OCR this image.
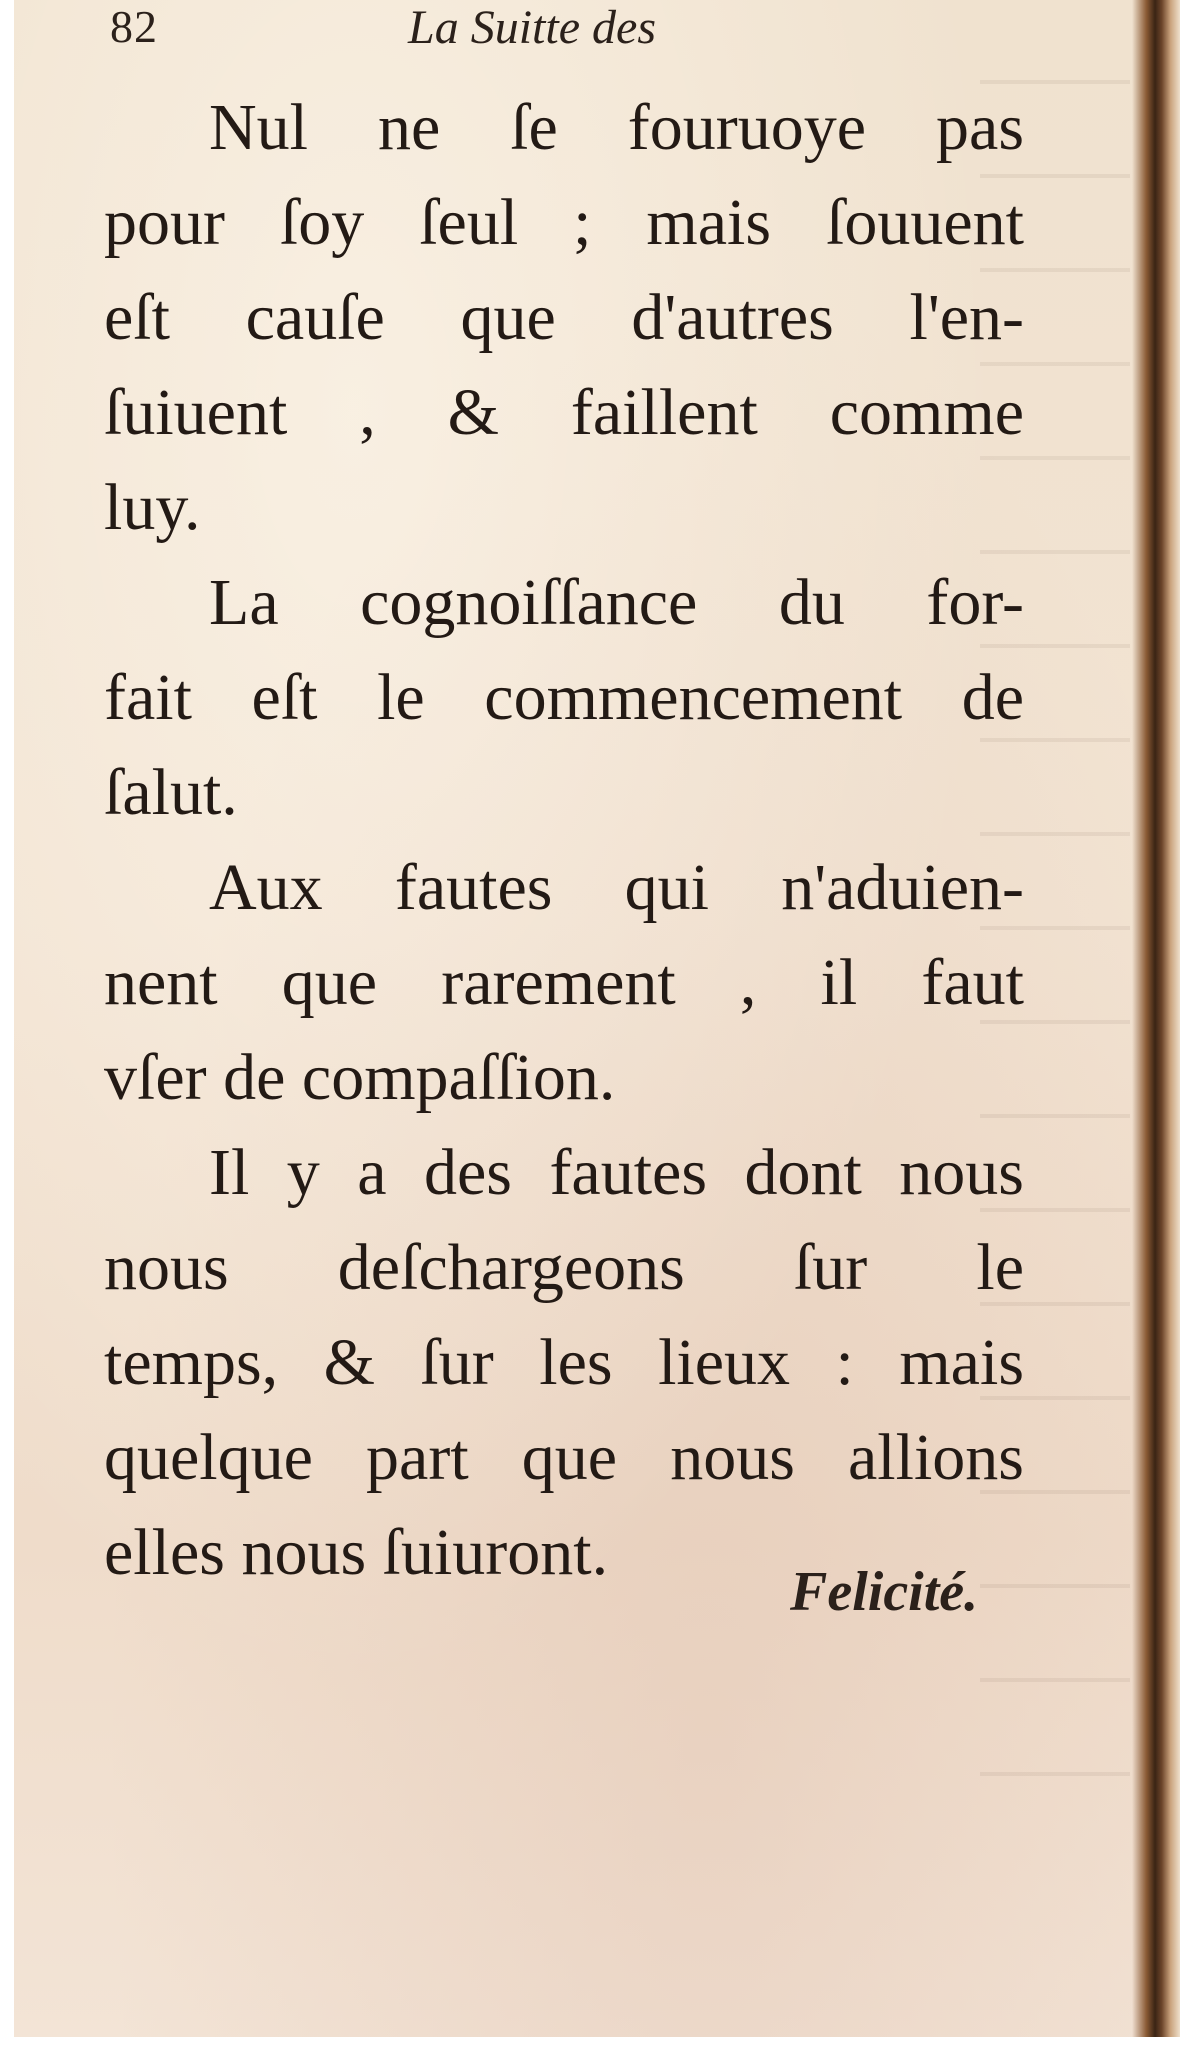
82	La Suitte des

Nul ne ſe fouruoye pas
pour ſoy ſeul ; mais ſouuent
eſt cauſe que d'autres l'en-
ſuiuent , & faillent comme
luy.

La cognoiſſance du for-
fait eſt le commencement de
ſalut.

Aux fautes qui n'aduien-
nent que rarement , il faut
vſer de compaſſion.

Il y a des fautes dont nous
nous deſchargeons ſur le
temps, & ſur les lieux : mais
quelque part que nous allions
elles nous ſuiuront.

Felicité.
